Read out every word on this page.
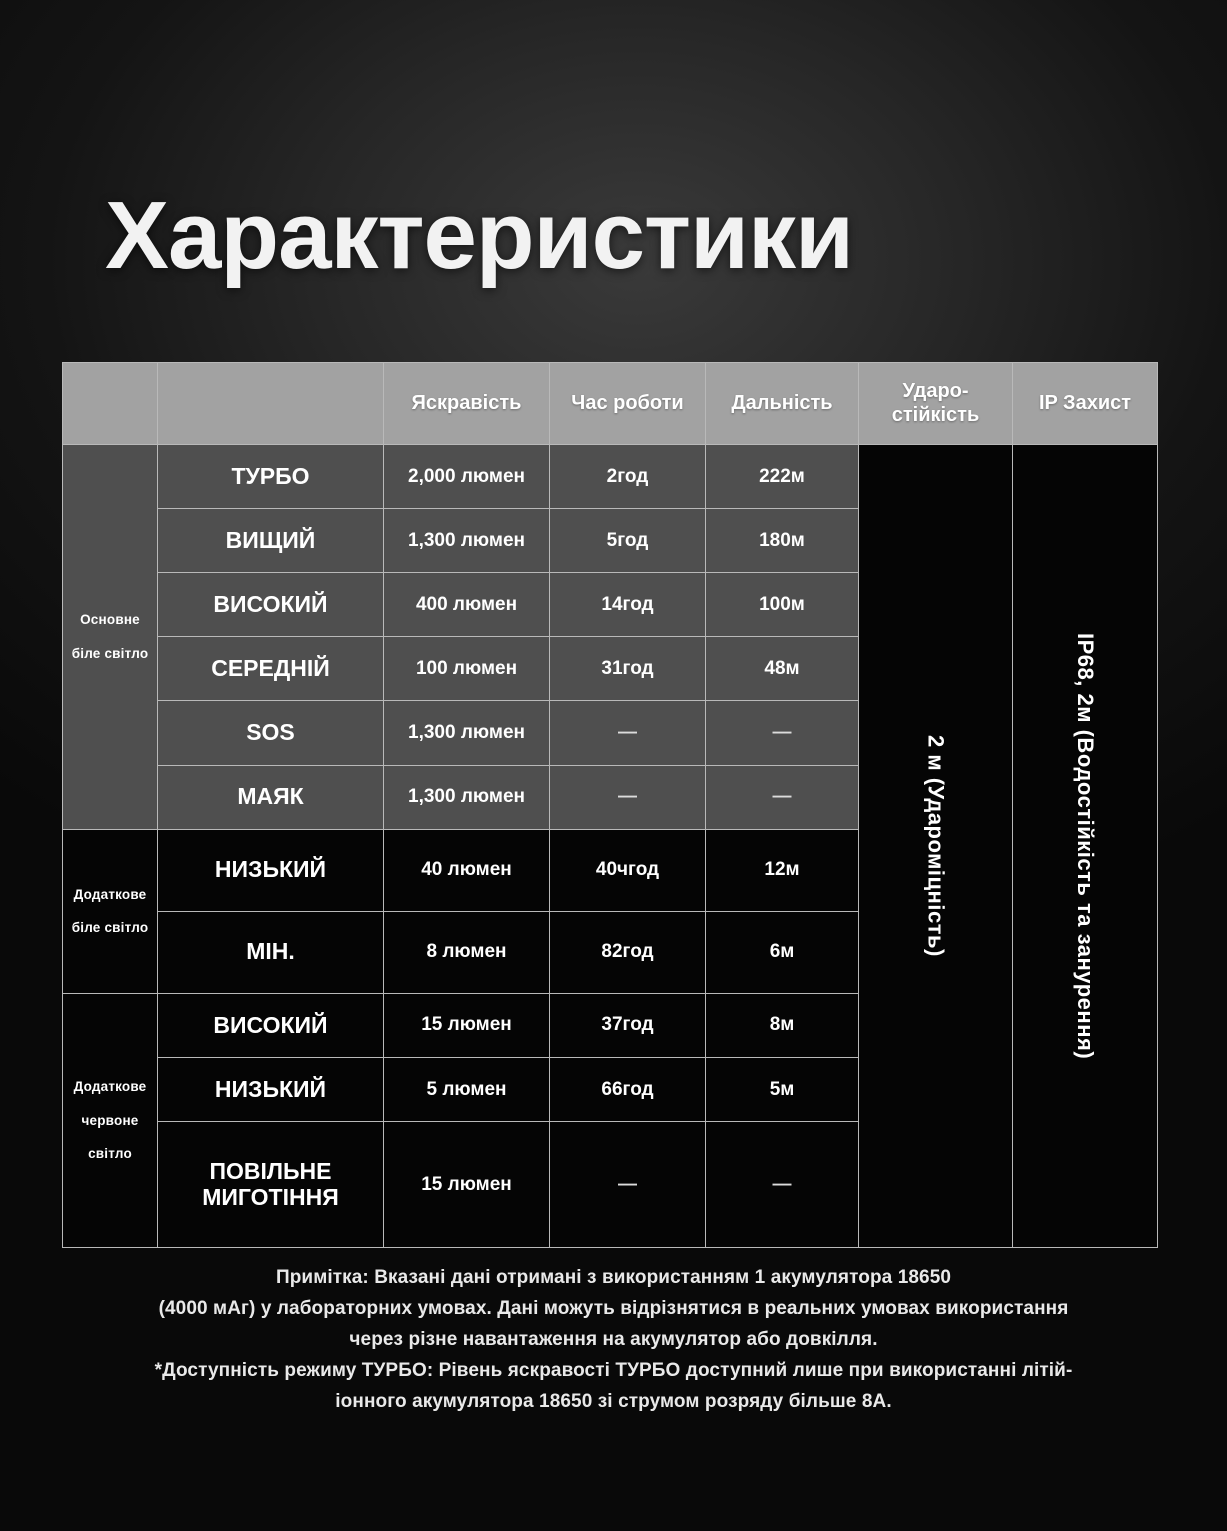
Характеристики
		Яскравість	Час роботи	Дальність	Ударо-
стійкість	IP Захист
Основне
біле світло	ТУРБО	2,000 люмен	2год	222м	2 м (Удароміцність)	IP68, 2м (Водостійкість та занурення)

	ВИЩИЙ	1,300 люмен	5год	180м		
	ВИСОКИЙ	400 люмен	14год	100м		
	СЕРЕДНІЙ	100 люмен	31год	48м		
	SOS	1,300 люмен	—	—		
	МАЯК	1,300 люмен	—	—		
Додаткове
біле світло	НИЗЬКИЙ	40 люмен	40чгод	12м		
	МІН.	8 люмен	82год	6м		
Додаткове
червоне
світло	ВИСОКИЙ	15 люмен	37год	8м		
	НИЗЬКИЙ	5 люмен	66год	5м		
	ПОВІЛЬНЕ
МИГОТІННЯ	15 люмен	—	—		
Примітка: Вказані дані отримані з використанням 1 акумулятора 18650
(4000 мАг) у лабораторних умовах. Дані можуть відрізнятися в реальних умовах використання
через різне навантаження на акумулятор або довкілля.
*Доступність режиму ТУРБО: Рівень яскравості ТУРБО доступний лише при використанні літій-
іонного акумулятора 18650 зі струмом розряду більше 8А.
